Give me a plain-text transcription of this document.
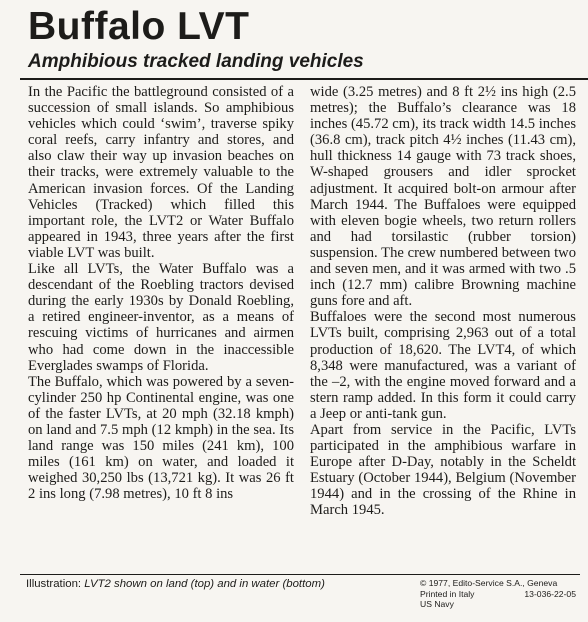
Buffalo LVT
Amphibious tracked landing vehicles

In the Pacific the battleground consisted of a succession of small islands. So amphibious vehicles which could ‘swim’, traverse spiky coral reefs, carry infantry and stores, and also claw their way up invasion beaches on their tracks, were extremely valuable to the American invasion forces. Of the Landing Vehicles (Tracked) which filled this important role, the LVT2 or Water Buffalo appeared in 1943, three years after the first viable LVT was built.

Like all LVTs, the Water Buffalo was a descendant of the Roebling tractors devised during the early 1930s by Donald Roebling, a retired engineer-inventor, as a means of rescuing victims of hurricanes and airmen who had come down in the inaccessible Everglades swamps of Florida.

The Buffalo, which was powered by a seven-cylinder 250 hp Continental engine, was one of the faster LVTs, at 20 mph (32.18 kmph) on land and 7.5 mph (12 kmph) in the sea. Its land range was 150 miles (241 km), 100 miles (161 km) on water, and loaded it weighed 30,250 lbs (13,721 kg). It was 26 ft 2 ins long (7.98 metres), 10 ft 8 ins

wide (3.25 metres) and 8 ft 2½ ins high (2.5 metres); the Buffalo’s clearance was 18 inches (45.72 cm), its track width 14.5 inches (36.8 cm), track pitch 4½ inches (11.43 cm), hull thickness 14 gauge with 73 track shoes, W-shaped grousers and idler sprocket adjustment. It acquired bolt-on armour after March 1944. The Buffaloes were equipped with eleven bogie wheels, two return rollers and had torsilastic (rubber torsion) suspension. The crew numbered between two and seven men, and it was armed with two .5 inch (12.7 mm) calibre Browning machine guns fore and aft.

Buffaloes were the second most numerous LVTs built, comprising 2,963 out of a total production of 18,620. The LVT4, of which 8,348 were manufactured, was a variant of the –2, with the engine moved forward and a stern ramp added. In this form it could carry a Jeep or anti-tank gun.

Apart from service in the Pacific, LVTs participated in the amphibious warfare in Europe after D-Day, notably in the Scheldt Estuary (October 1944), Belgium (November 1944) and in the crossing of the Rhine in March 1945.

Illustration: LVT2 shown on land (top) and in water (bottom)	© 1977, Edito-Service S.A., Geneva
Printed in Italy	13-036-22-05
US Navy
